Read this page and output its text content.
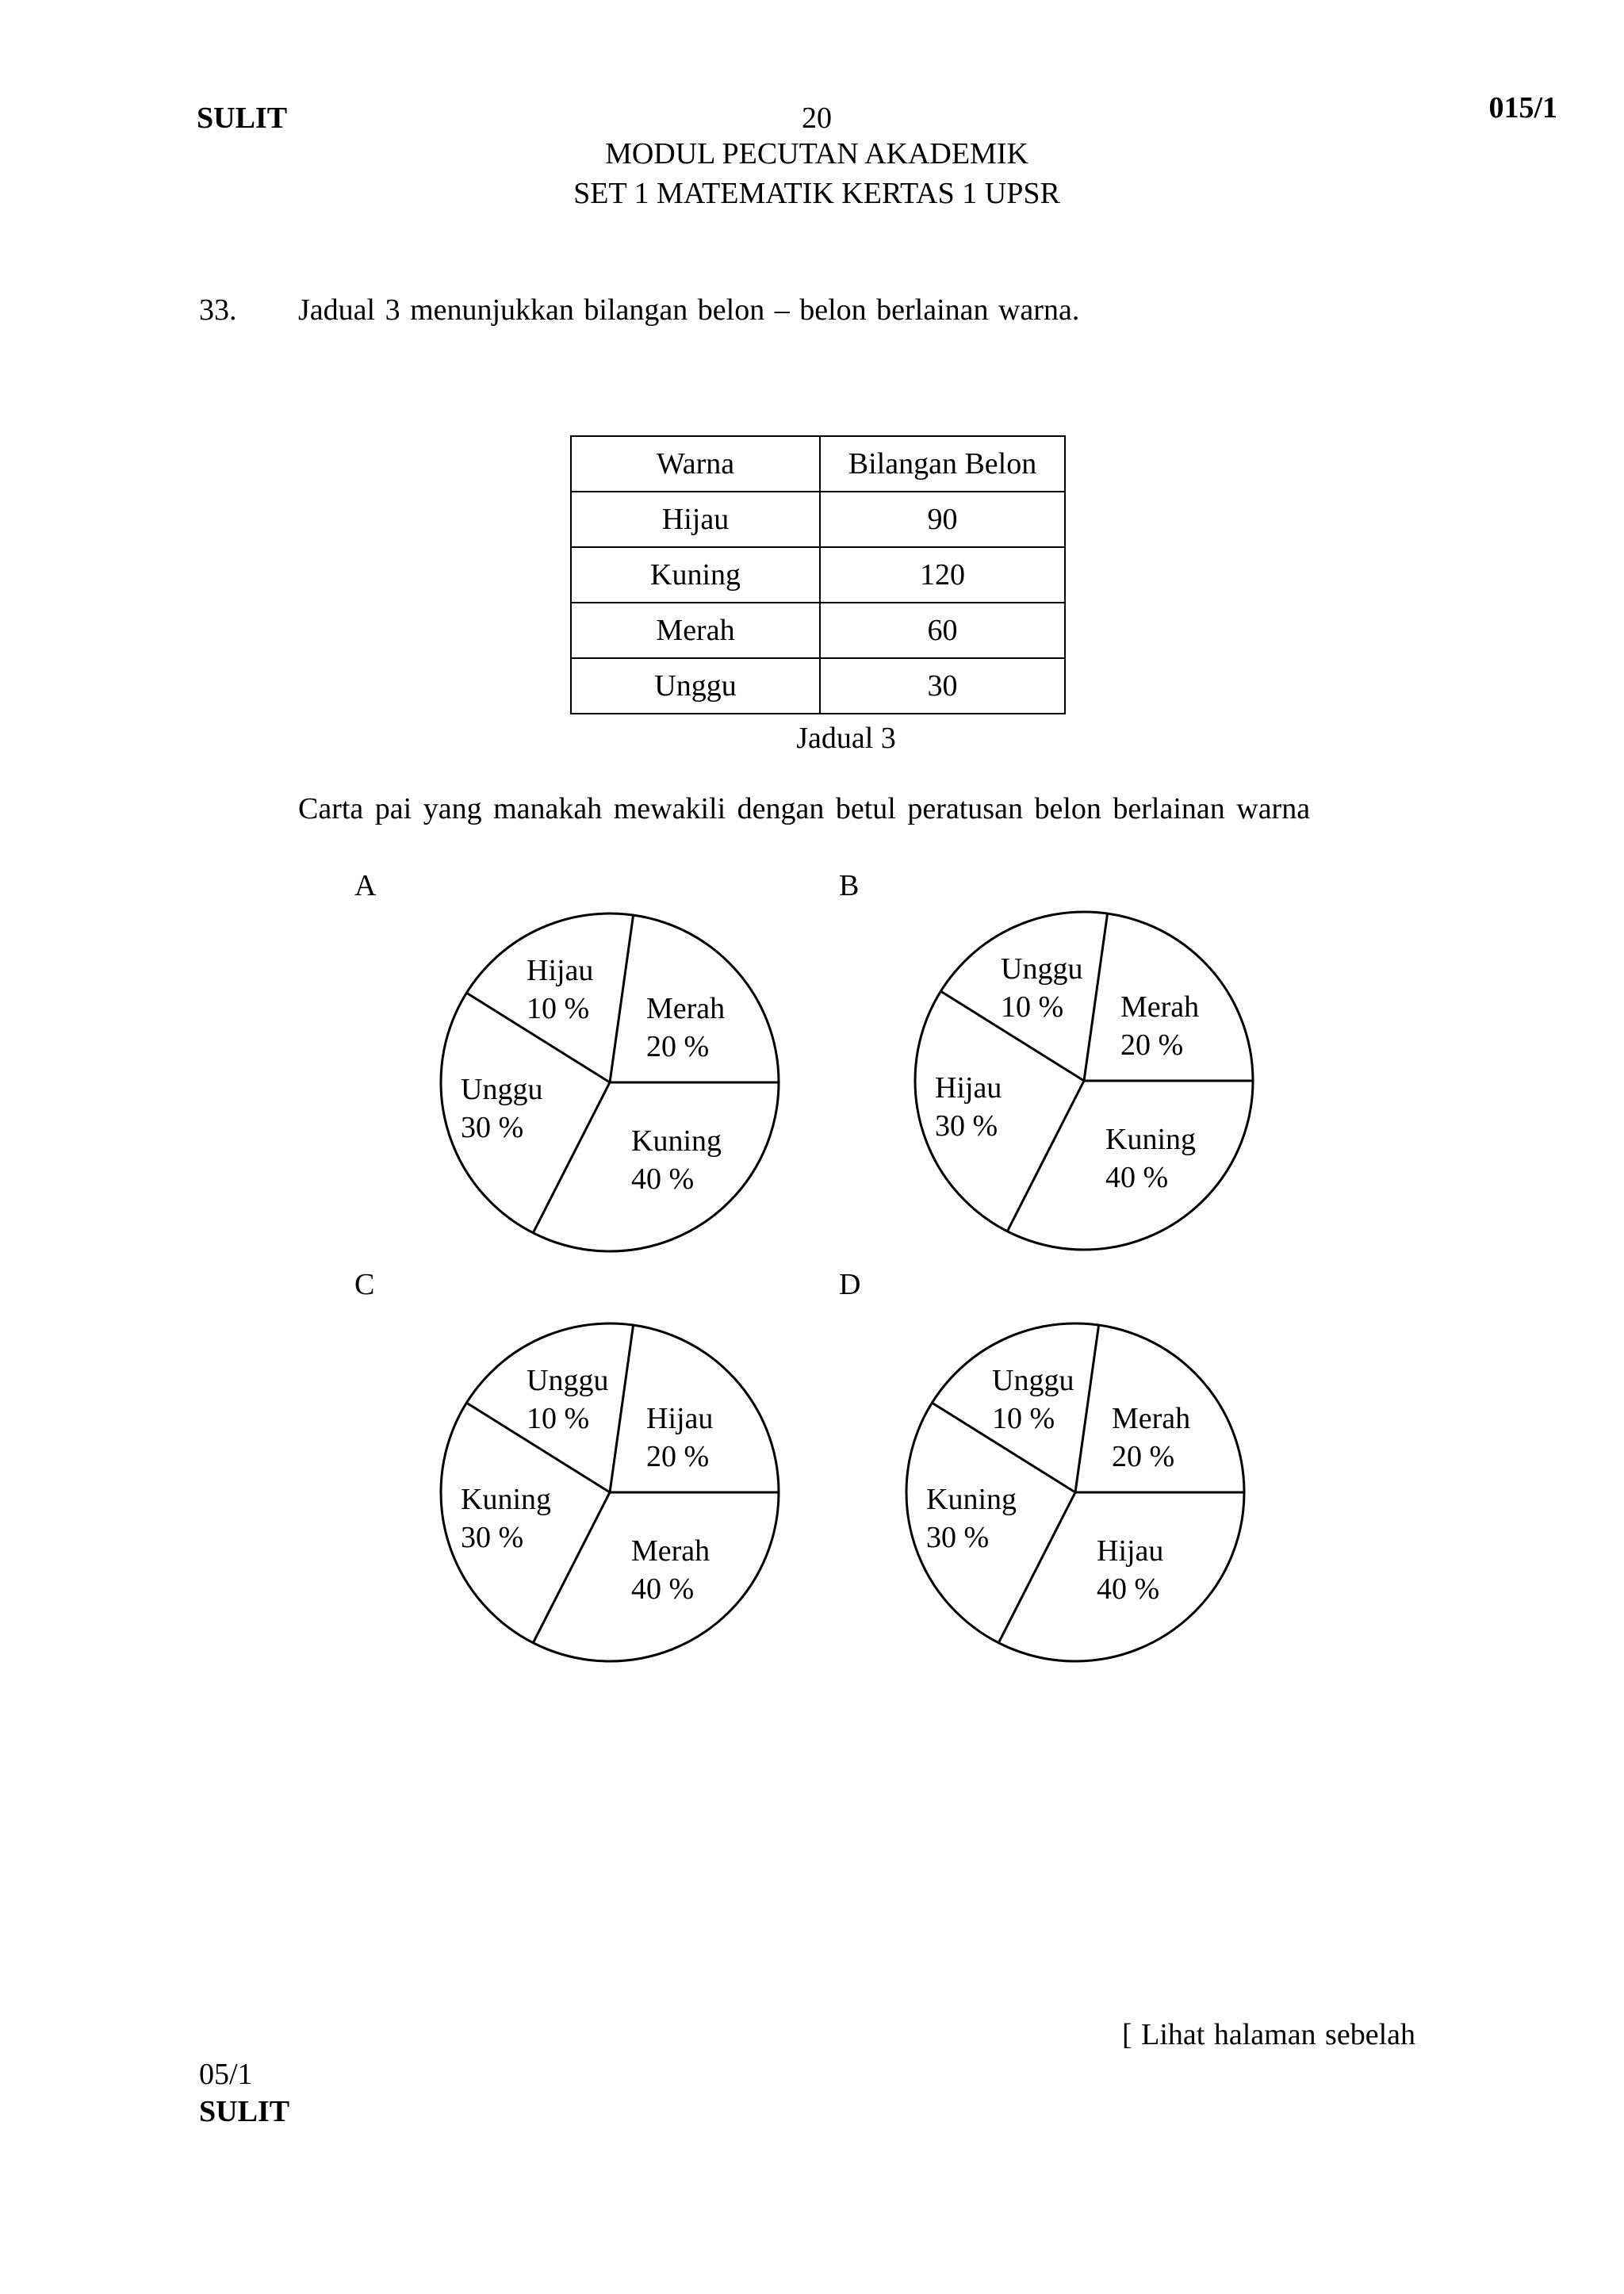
SULIT	20	015/1
MODUL PECUTAN AKADEMIK
SET 1 MATEMATIK KERTAS 1 UPSR
33. Jadual 3 menunjukkan bilangan belon – belon berlainan warna.
Warna	Bilangan Belon
Hijau	90
Kuning	120
Merah	60
Unggu	30
Jadual 3
Carta pai yang manakah mewakili dengan betul peratusan belon berlainan warna
A	B
C	D
Hijau
10 % Merah
20 %
Unggu
30 %	Kuning
40 %
Unggu
10 %	Merah
20 %
Hijau
30 %	Kuning
40 %
Unggu
10 %	Hijau
20 %
Kuning
30 %	Merah
40 %
Unggu
10 %	Merah
20 %
Kuning
30 %	Hijau
40 %
[ Lihat halaman sebelah
05/1
SULIT
